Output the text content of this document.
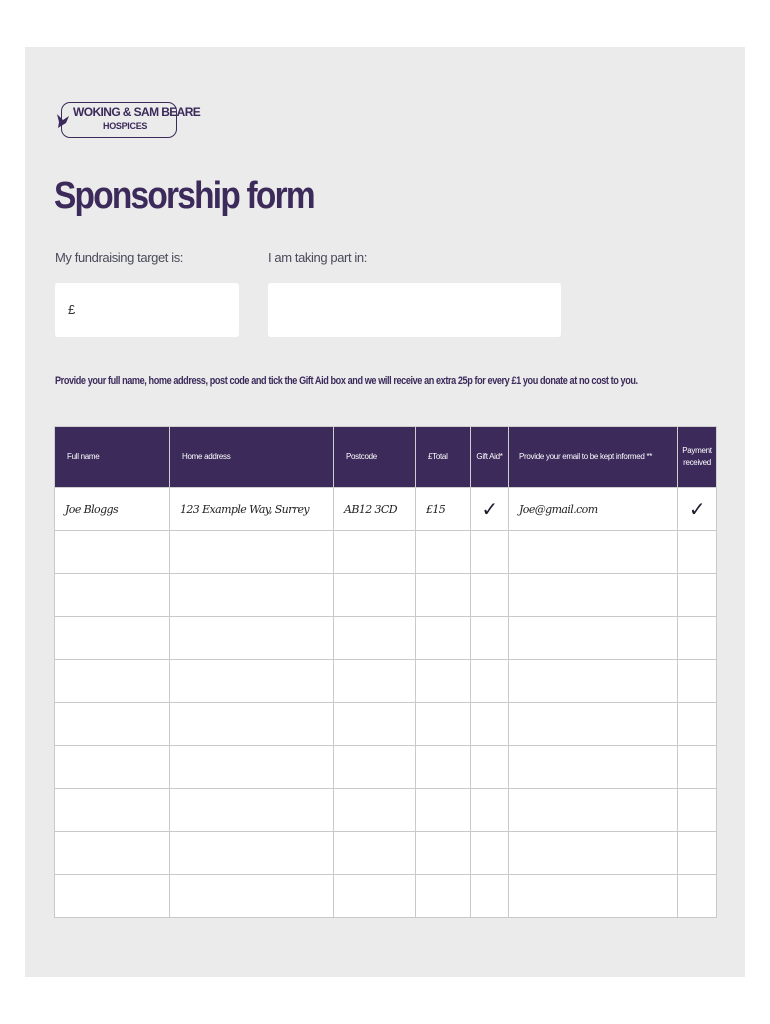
WOKING & SAM BEARE
HOSPICES
Sponsorship form
My fundraising target is:	I am taking part in:
£
Provide your full name, home address, post code and tick the Gift Aid box and we will receive an extra 25p for every £1 you donate at no cost to you.
Full name	Home address	Postcode	£Total	Gift Aid*	Provide your email to be kept informed **	Payment received
Joe Bloggs	123 Example Way, Surrey	AB12 3CD	£15	✓	Joe@gmail.com	✓
